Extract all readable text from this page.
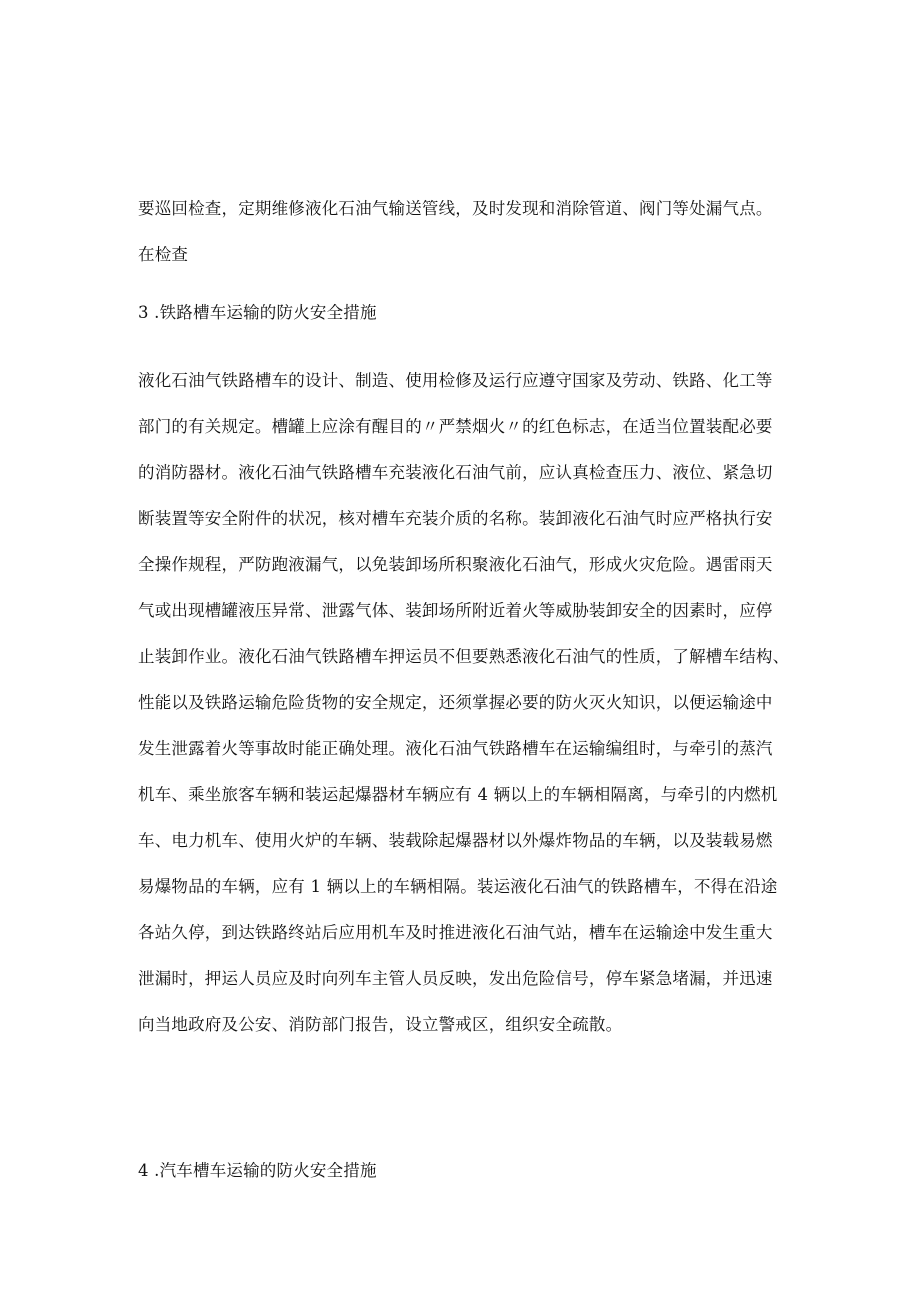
要巡回检查，定期维修液化石油气输送管线，及时发现和消除管道、阀门等处漏气点。
在检查
3 .铁路槽车运输的防火安全措施
液化石油气铁路槽车的设计、制造、使用检修及运行应遵守国家及劳动、铁路、化工等
部门的有关规定。槽罐上应涂有醒目的〃严禁烟火〃的红色标志，在适当位置装配必要
的消防器材。液化石油气铁路槽车充装液化石油气前，应认真检查压力、液位、紧急切
断装置等安全附件的状况，核对槽车充装介质的名称。装卸液化石油气时应严格执行安
全操作规程，严防跑液漏气，以免装卸场所积聚液化石油气，形成火灾危险。遇雷雨天
气或出现槽罐液压异常、泄露气体、装卸场所附近着火等威胁装卸安全的因素时，应停
止装卸作业。液化石油气铁路槽车押运员不但要熟悉液化石油气的性质，了解槽车结构、
性能以及铁路运输危险货物的安全规定，还须掌握必要的防火灭火知识，以便运输途中
发生泄露着火等事故时能正确处理。液化石油气铁路槽车在运输编组时，与牵引的蒸汽
机车、乘坐旅客车辆和装运起爆器材车辆应有 4 辆以上的车辆相隔离，与牵引的内燃机
车、电力机车、使用火炉的车辆、装载除起爆器材以外爆炸物品的车辆，以及装载易燃
易爆物品的车辆，应有 1 辆以上的车辆相隔。装运液化石油气的铁路槽车，不得在沿途
各站久停，到达铁路终站后应用机车及时推进液化石油气站，槽车在运输途中发生重大
泄漏时，押运人员应及时向列车主管人员反映，发出危险信号，停车紧急堵漏，并迅速
向当地政府及公安、消防部门报告，设立警戒区，组织安全疏散。
4 .汽车槽车运输的防火安全措施
